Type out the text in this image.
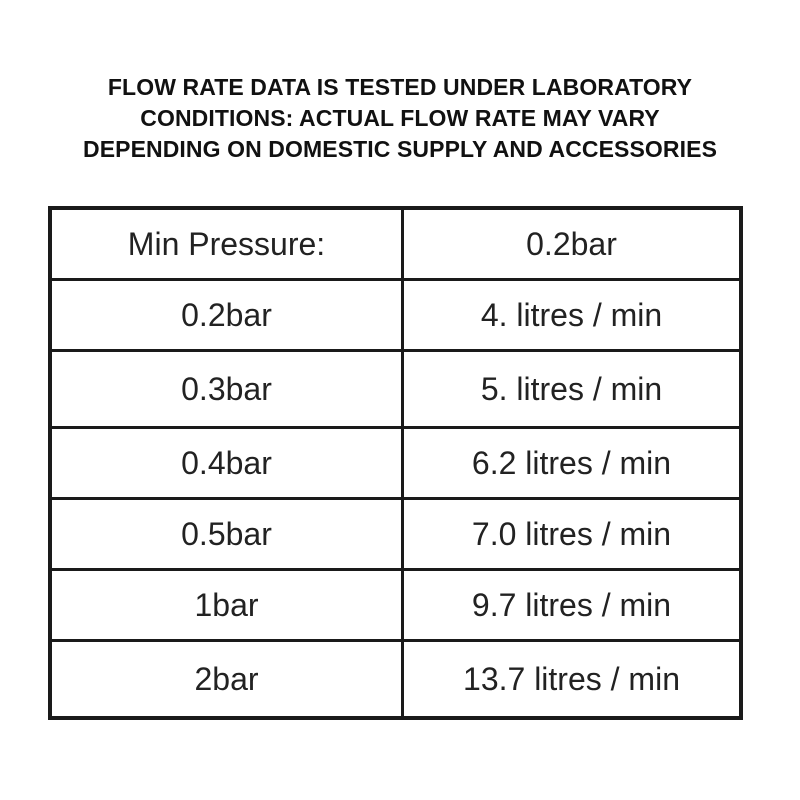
FLOW RATE DATA IS TESTED UNDER LABORATORY
CONDITIONS: ACTUAL FLOW RATE MAY VARY
DEPENDING ON DOMESTIC SUPPLY AND ACCESSORIES
Min Pressure:	0.2bar
0.2bar	4. litres / min
0.3bar	5. litres / min
0.4bar	6.2 litres / min
0.5bar	7.0 litres / min
1bar	9.7 litres / min
2bar	13.7 litres / min
